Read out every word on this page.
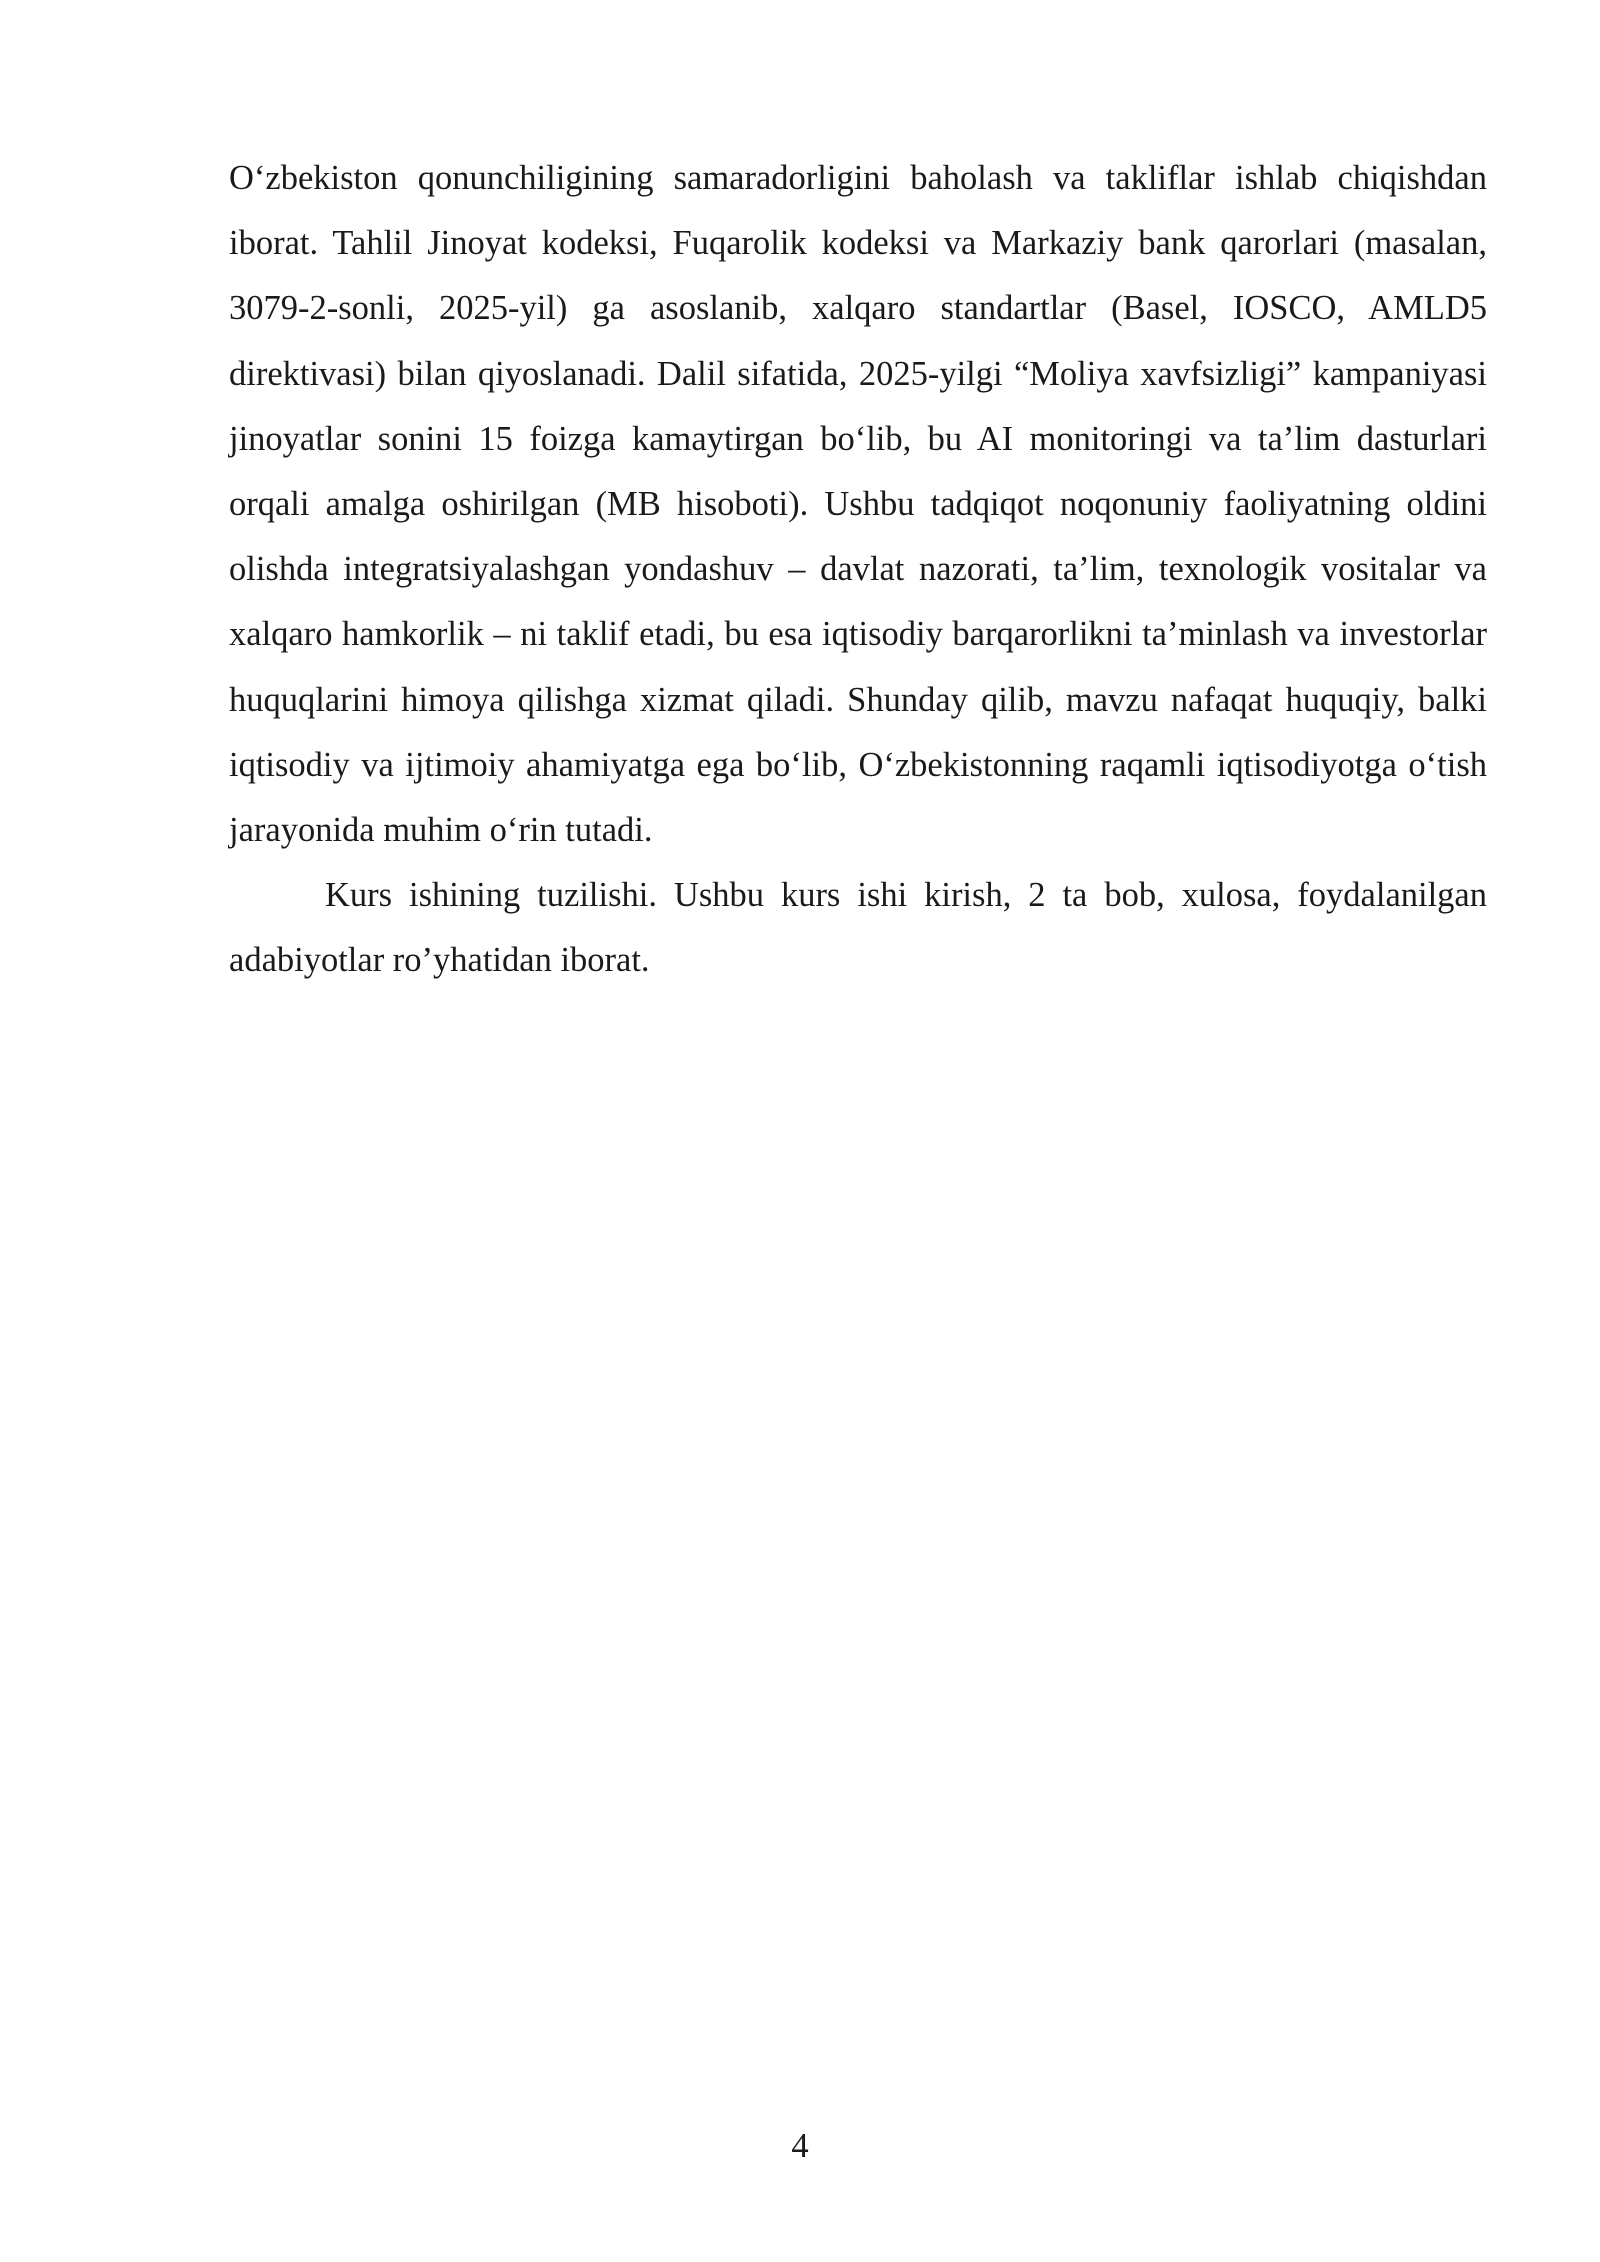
O‘zbekiston qonunchiligining samaradorligini baholash va takliflar ishlab chiqishdan iborat. Tahlil Jinoyat kodeksi, Fuqarolik kodeksi va Markaziy bank qarorlari (masalan, 3079-2-sonli, 2025-yil) ga asoslanib, xalqaro standartlar (Basel, IOSCO, AMLD5 direktivasi) bilan qiyoslanadi. Dalil sifatida, 2025-yilgi “Moliya xavfsizligi” kampaniyasi jinoyatlar sonini 15 foizga kamaytirgan bo‘lib, bu AI monitoringi va ta’lim dasturlari orqali amalga oshirilgan (MB hisoboti). Ushbu tadqiqot noqonuniy faoliyatning oldini olishda integratsiyalashgan yondashuv – davlat nazorati, ta’lim, texnologik vositalar va xalqaro hamkorlik – ni taklif etadi, bu esa iqtisodiy barqarorlikni ta’minlash va investorlar huquqlarini himoya qilishga xizmat qiladi. Shunday qilib, mavzu nafaqat huquqiy, balki iqtisodiy va ijtimoiy ahamiyatga ega bo‘lib, O‘zbekistonning raqamli iqtisodiyotga o‘tish jarayonida muhim o‘rin tutadi.

Kurs ishining tuzilishi. Ushbu kurs ishi kirish, 2 ta bob, xulosa, foydalanilgan adabiyotlar ro’yhatidan iborat.

4
